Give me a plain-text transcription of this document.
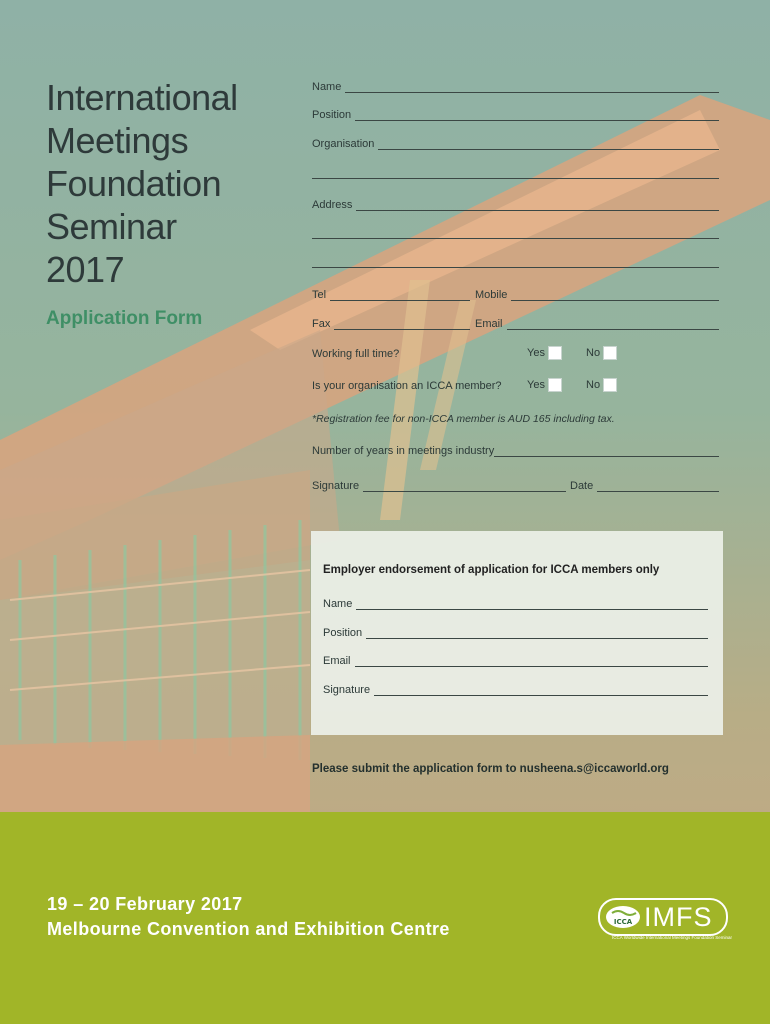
International
Meetings
Foundation
Seminar
2017
Application Form
Name
Position
Organisation
Address
Tel	Mobile
Fax	Email
Working full time?	Yes	No
Is your organisation an ICCA member? Yes	No
*Registration fee for non-ICCA member is AUD 165 including tax.
Number of years in meetings industry
Signature	Date
Employer endorsement of application for ICCA members only
Name
Position
Email
Signature
Please submit the application form to nusheena.s@iccaworld.org
19 – 20 February 2017
Melbourne Convention and Exhibition Centre	ICCA IMFS
ICCA Worldwide International Meetings Foundation Seminar
